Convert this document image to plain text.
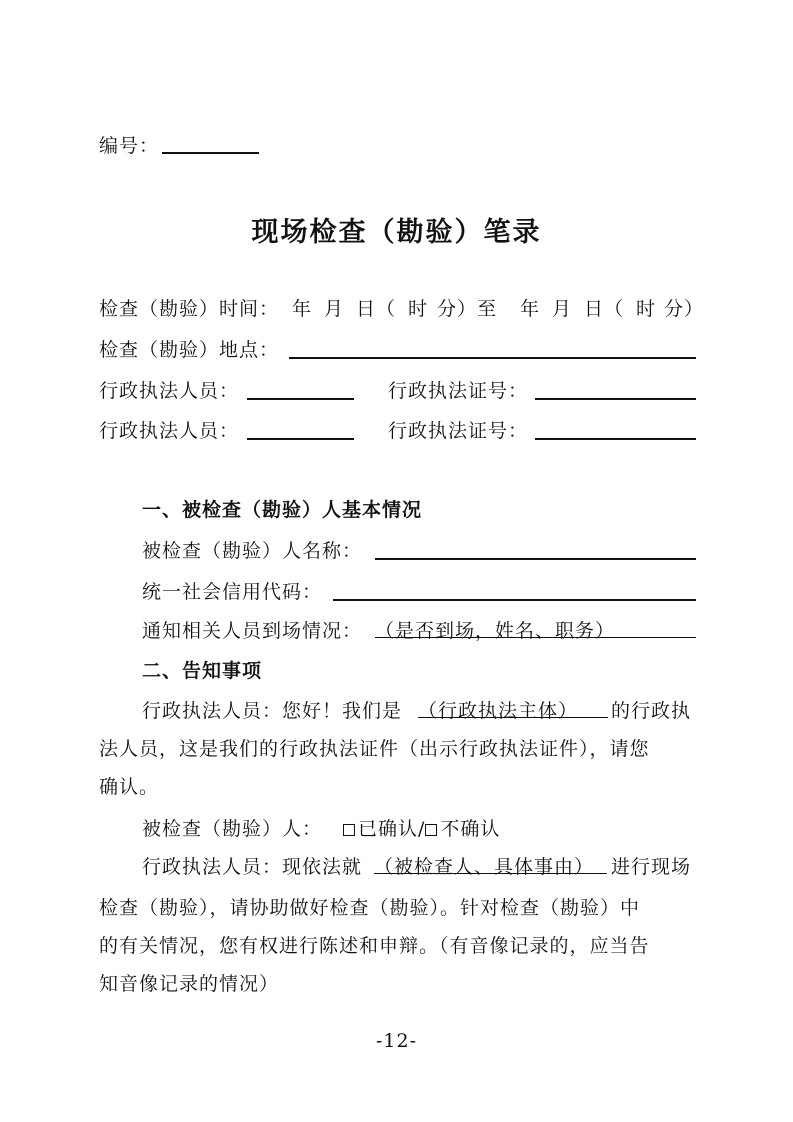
编号：
现场检查（勘验）笔录
检查（勘验）时间： 年 月 日（ 时 分）至 年 月 日（ 时 分）
检查（勘验）地点：
行政执法人员：	行政执法证号：
行政执法人员：	行政执法证号：
一、被检查（勘验）人基本情况
被检查（勘验）人名称：
统一社会信用代码：
通知相关人员到场情况： （是否到场，姓名、职务）
二、告知事项
行政执法人员：您好！我们是 （行政执法主体） 的行政执
法人员，这是我们的行政执法证件（出示行政执法证件），请您
确认。
被检查（勘验）人：	已确认/ 不确认
行政执法人员：现依法就 （被检查人、具体事由） 进行现场
检查（勘验），请协助做好检查（勘验）。针对检查（勘验）中
的有关情况，您有权进行陈述和申辩。（有音像记录的，应当告
知音像记录的情况）
-12-
